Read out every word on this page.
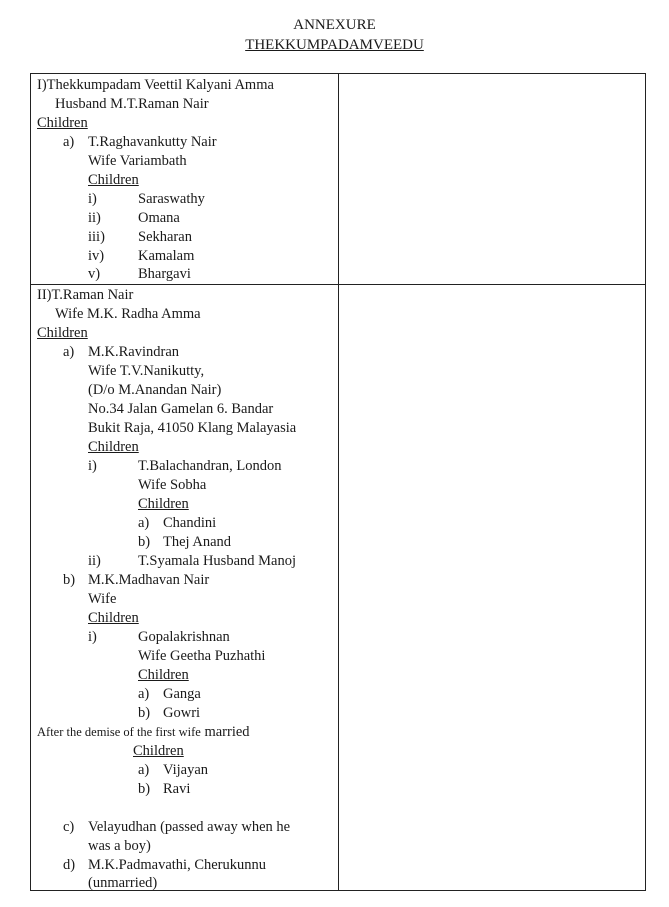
ANNEXURE
THEKKUMPADAMVEEDU
I)Thekkumpadam Veettil Kalyani Amma
Husband M.T.Raman Nair
Children
a) T.Raghavankutty Nair
Wife Variambath
Children
i)	Saraswathy
ii)	Omana
iii) Sekharan
iv) Kamalam
v)	Bhargavi
II)T.Raman Nair
Wife M.K. Radha Amma
Children
a) M.K.Ravindran
Wife T.V.Nanikutty,
(D/o M.Anandan Nair)
No.34 Jalan Gamelan 6. Bandar
Bukit Raja, 41050 Klang Malayasia
Children
i)	T.Balachandran, London
Wife Sobha
Children
a) Chandini
b) Thej Anand
ii)	T.Syamala Husband Manoj
b) M.K.Madhavan Nair
Wife
Children
i)	Gopalakrishnan
Wife Geetha Puzhathi
Children
a) Ganga
b) Gowri
After the demise of the first wife married
Children
a) Vijayan
b) Ravi
c) Velayudhan (passed away when he
was a boy)
d) M.K.Padmavathi, Cherukunnu
(unmarried)
